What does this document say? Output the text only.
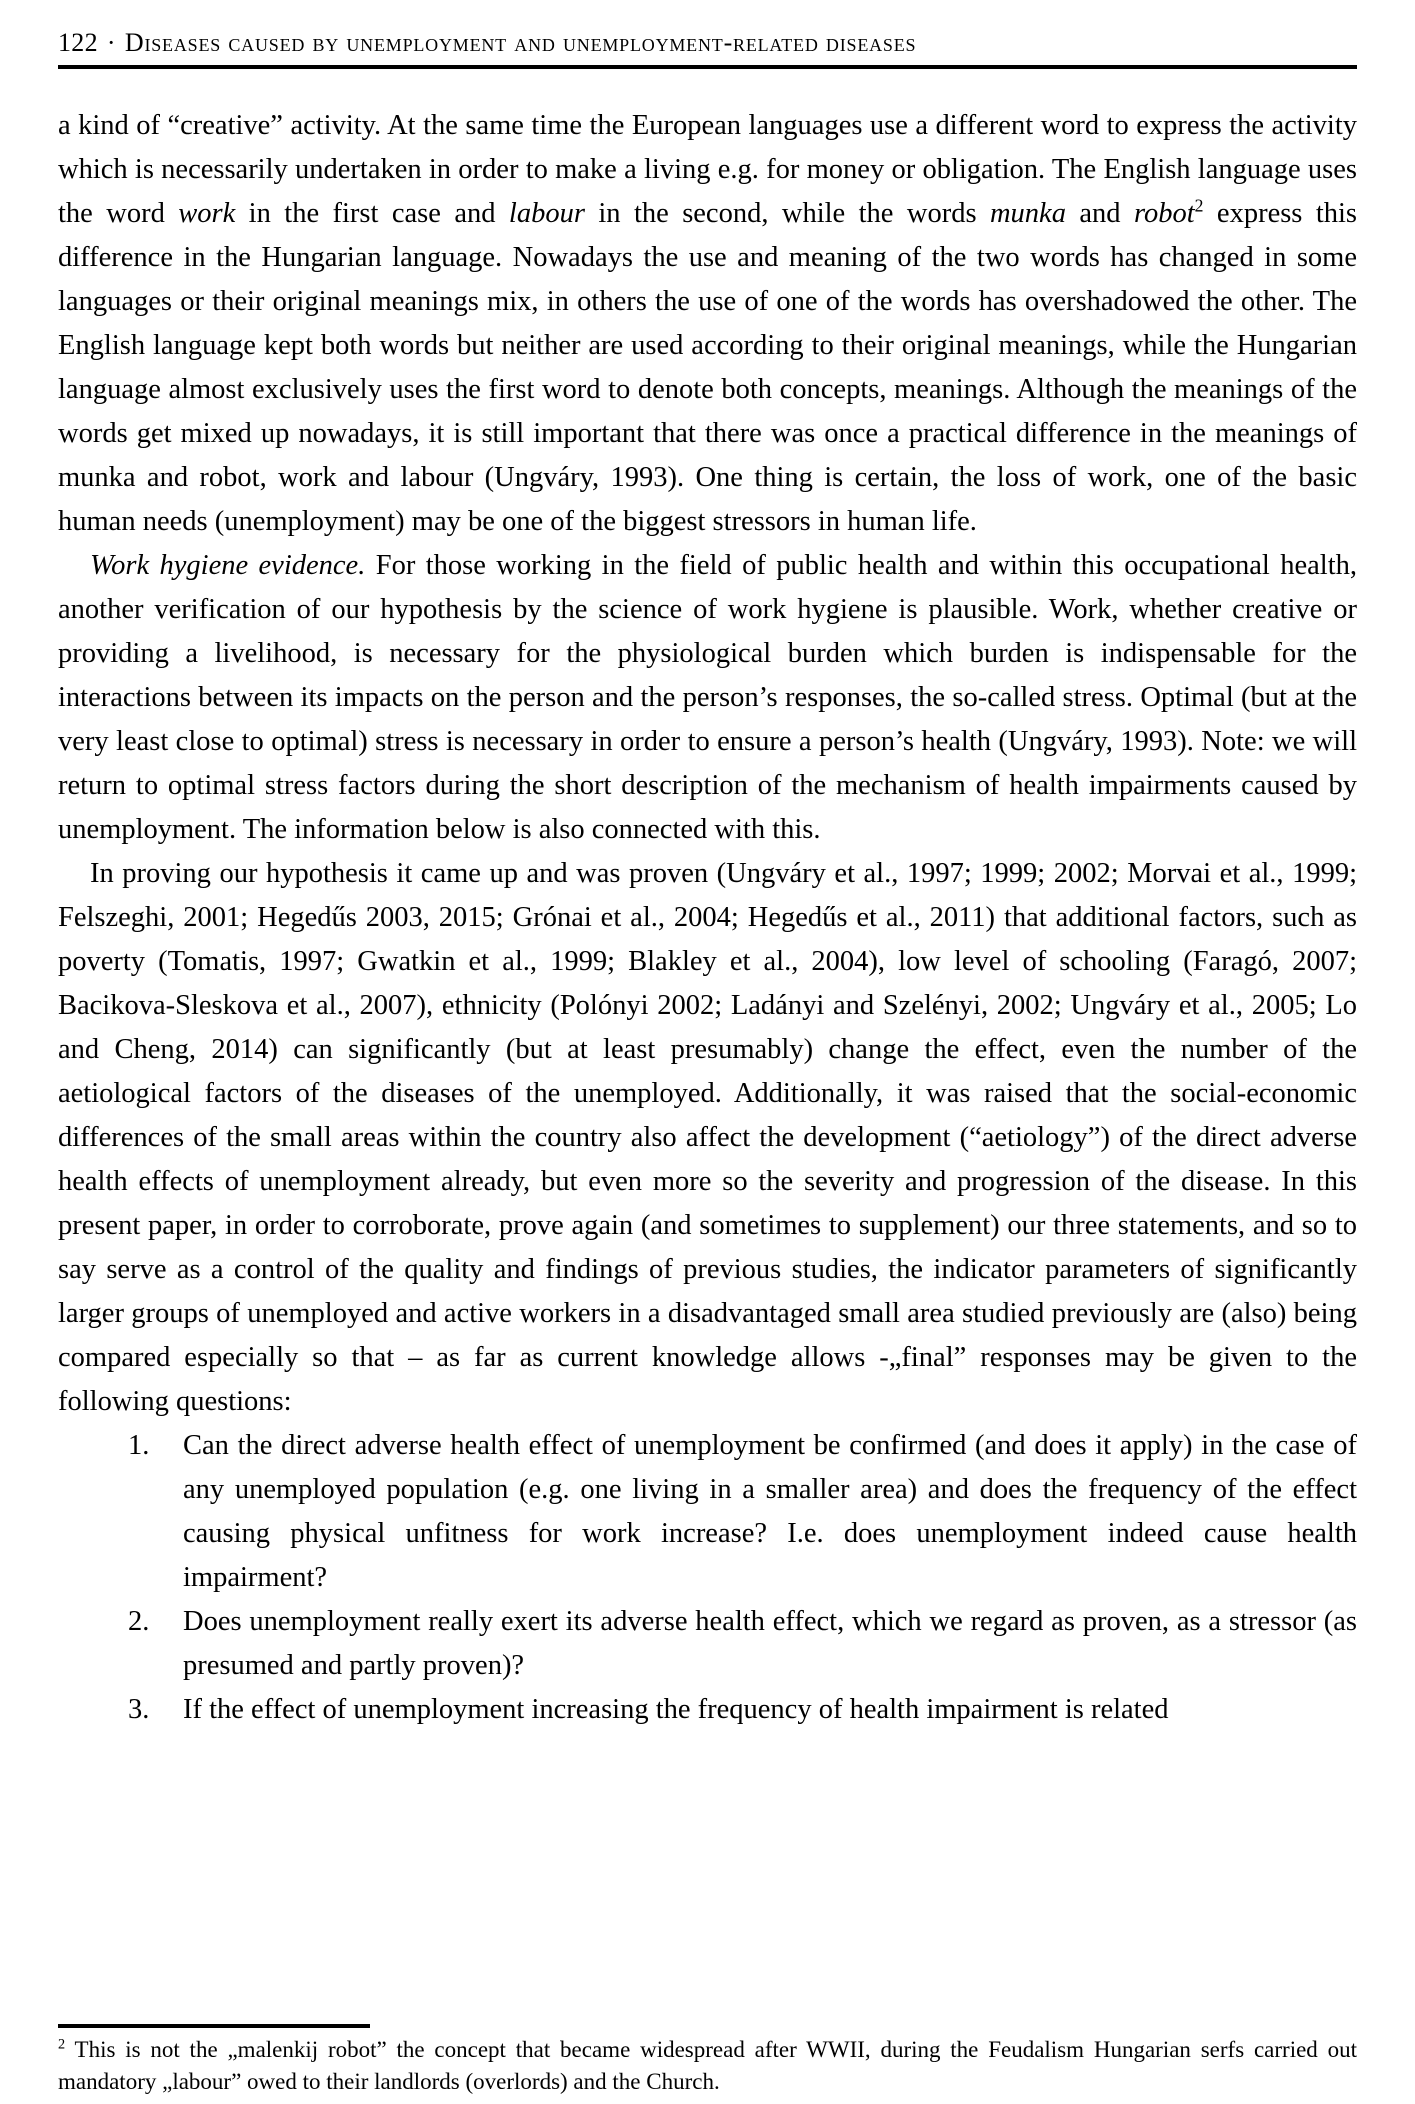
122 · Diseases caused by unemployment and unemployment-related diseases

a kind of “creative” activity. At the same time the European languages use a different word to express the activity which is necessarily undertaken in order to make a living e.g. for money or obligation. The English language uses the word work in the first case and labour in the second, while the words munka and robot$^2$ express this difference in the Hungarian language. Nowadays the use and meaning of the two words has changed in some languages or their original meanings mix, in others the use of one of the words has overshadowed the other. The English language kept both words but neither are used according to their original meanings, while the Hungarian language almost exclusively uses the first word to denote both concepts, meanings. Although the meanings of the words get mixed up nowadays, it is still important that there was once a practical difference in the meanings of munka and robot, work and labour (Ungváry, 1993). One thing is certain, the loss of work, one of the basic human needs (unemployment) may be one of the biggest stressors in human life.

Work hygiene evidence. For those working in the field of public health and within this occupational health, another verification of our hypothesis by the science of work hygiene is plausible. Work, whether creative or providing a livelihood, is necessary for the physiological burden which burden is indispensable for the interactions between its impacts on the person and the person’s responses, the so-called stress. Optimal (but at the very least close to optimal) stress is necessary in order to ensure a person’s health (Ungváry, 1993). Note: we will return to optimal stress factors during the short description of the mechanism of health impairments caused by unemployment. The information below is also connected with this.

In proving our hypothesis it came up and was proven (Ungváry et al., 1997; 1999; 2002; Morvai et al., 1999; Felszeghi, 2001; Hegedűs 2003, 2015; Grónai et al., 2004; Hegedűs et al., 2011) that additional factors, such as poverty (Tomatis, 1997; Gwatkin et al., 1999; Blakley et al., 2004), low level of schooling (Faragó, 2007; Bacikova-Sleskova et al., 2007), ethnicity (Polónyi 2002; Ladányi and Szelényi, 2002; Ungváry et al., 2005; Lo and Cheng, 2014) can significantly (but at least presumably) change the effect, even the number of the aetiological factors of the diseases of the unemployed. Additionally, it was raised that the social-economic differences of the small areas within the country also affect the development (“aetiology”) of the direct adverse health effects of unemployment already, but even more so the severity and progression of the disease. In this present paper, in order to corroborate, prove again (and sometimes to supplement) our three statements, and so to say serve as a control of the quality and findings of previous studies, the indicator parameters of significantly larger groups of unemployed and active workers in a disadvantaged small area studied previously are (also) being compared especially so that – as far as current knowledge allows -„final” responses may be given to the following questions:

1.	Can the direct adverse health effect of unemployment be confirmed (and does it apply) in the case of any unemployed population (e.g. one living in a smaller area) and does the frequency of the effect causing physical unfitness for work increase? I.e. does unemployment indeed cause health impairment?
2.	Does unemployment really exert its adverse health effect, which we regard as proven, as a stressor (as presumed and partly proven)?
3.	If the effect of unemployment increasing the frequency of health impairment is related

$^2$ This is not the „malenkij robot” the concept that became widespread after WWII, during the Feudalism Hungarian serfs carried out mandatory „labour” owed to their landlords (overlords) and the Church.
